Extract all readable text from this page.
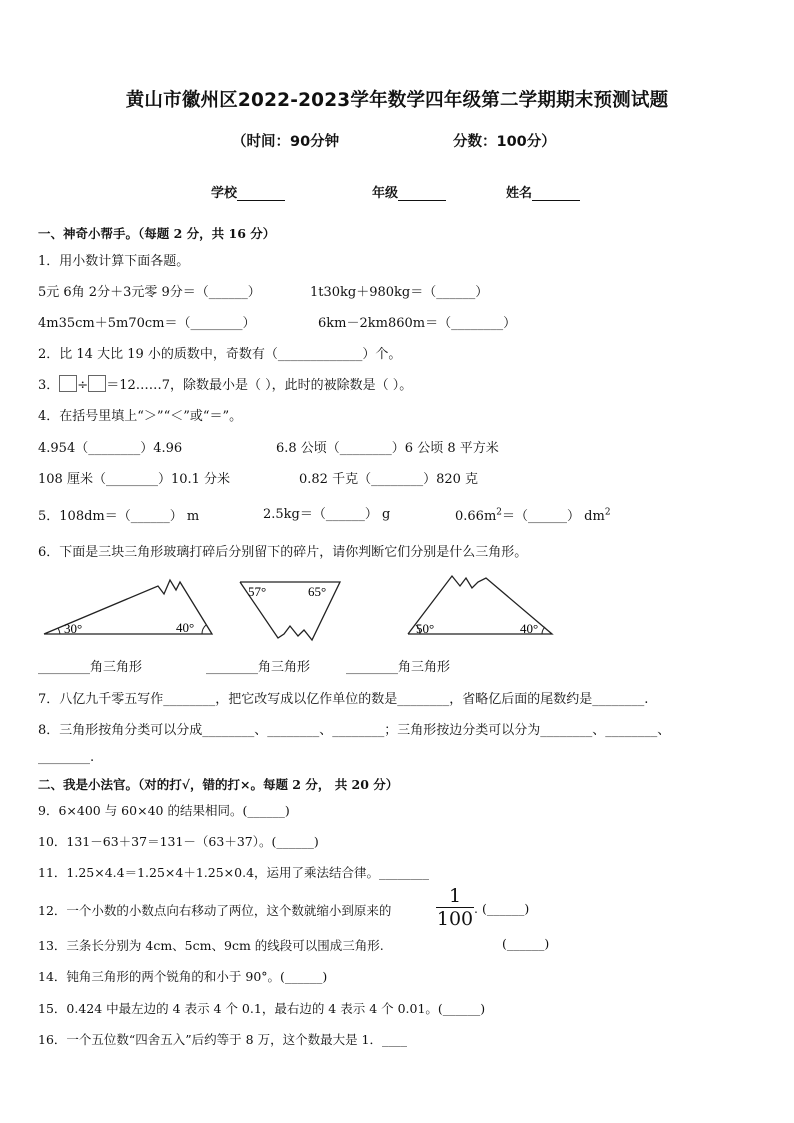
黄山市徽州区2022-2023学年数学四年级第二学期期末预测试题
（时间：90分钟	分数：100分）
学校	年级	姓名
一、神奇小帮手。（每题 2 分，共 16 分）
1．用小数计算下面各题。
5元 6角 2分＋3元零 9分＝（______）	1t30kg＋980kg＝（______）
4m35cm＋5m70cm＝（________）	6km－2km860m＝（________）
2．比 14 大比 19 小的质数中，奇数有（_____________）个。
3． ÷ ＝12……7，除数最小是（ ），此时的被除数是（ ）。
4．在括号里填上“＞”“＜”或“＝”。
4.954（________）4.96	6.8 公顷（________）6 公顷 8 平方米
108 厘米（________）10.1 分米	0.82 千克（________）820 克
5．108dm＝（______） m	2.5kg＝（______） g	$0.66m^2=(\_\_\_\_\_\_)$ $dm^2$
6．下面是三块三角形玻璃打碎后分别留下的碎片，请你判断它们分别是什么三角形。
30°	40°
57°	65°
50°	40°
________角三角形	________角三角形	________角三角形
7．八亿九千零五写作________，把它改写成以亿作单位的数是________，省略亿后面的尾数约是________.
8．三角形按角分类可以分成________、________、________；三角形按边分类可以分为________、________、
________.
二、我是小法官。（对的打√，错的打×。每题 2 分， 共 20 分）
9．6×400 与 60×40 的结果相同。(______)
10．131－63＋37＝131－（63＋37）。(______)
11．1.25×4.4＝1.25×4＋1.25×0.4，运用了乘法结合律。________
12．一个小数的小数点向右移动了两位，这个数就缩小到原来的
1
100 . (______)
13．三条长分别为 4cm、5cm、9cm 的线段可以围成三角形.	(______)
14．钝角三角形的两个锐角的和小于 90°。(______)
15．0.424 中最左边的 4 表示 4 个 0.1，最右边的 4 表示 4 个 0.01。(______)
16．一个五位数“四舍五入”后约等于 8 万，这个数最大是 1．____
